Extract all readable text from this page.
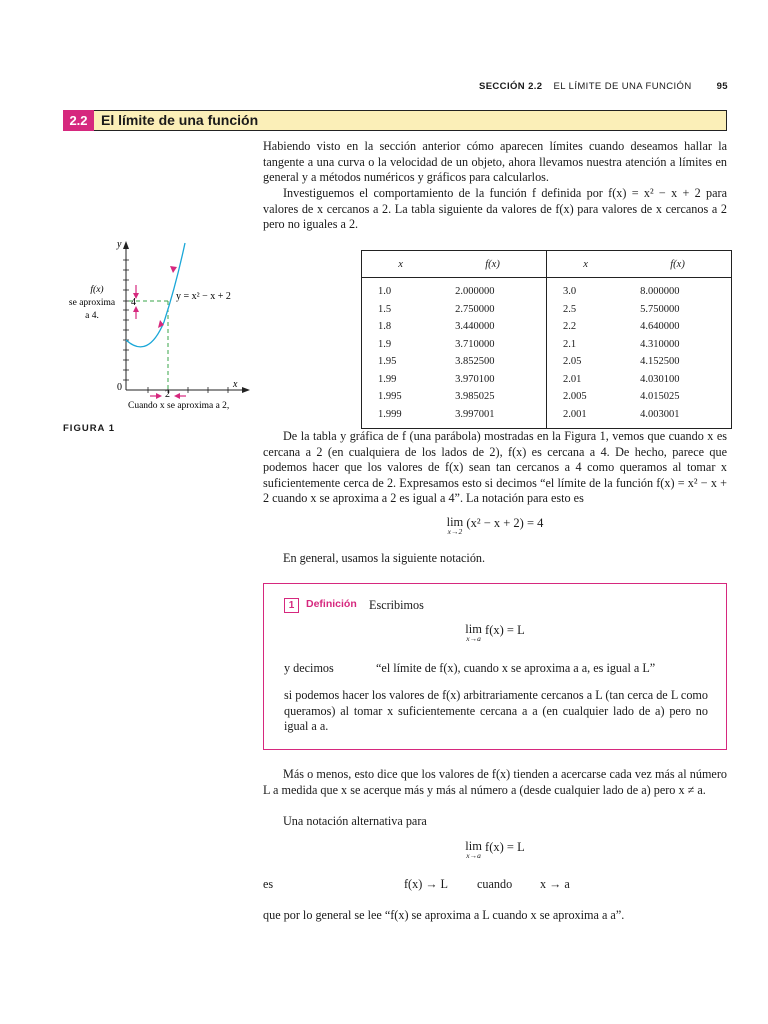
SECCIÓN 2.2 EL LÍMITE DE UNA FUNCIÓN	95
2.2 El límite de una función
Habiendo visto en la sección anterior cómo aparecen límites cuando deseamos hallar la tangente a una curva o la velocidad de un objeto, ahora llevamos nuestra atención a límites en general y a métodos numéricos y gráficos para calcularlos.
Investiguemos el comportamiento de la función f definida por f(x) = x² − x + 2 para valores de x cercanos a 2. La tabla siguiente da valores de f(x) para valores de x cercanos a 2 pero no iguales a 2.
y
x
0
2
4
y = x² − x + 2
f(x)
se aproxima
a 4.
Cuando x se aproxima a 2,
FIGURA 1
x	f(x)	x	f(x)
1.0	2.000000	3.0	8.000000
1.5	2.750000	2.5	5.750000
1.8	3.440000	2.2	4.640000
1.9	3.710000	2.1	4.310000
1.95	3.852500	2.05	4.152500
1.99	3.970100	2.01	4.030100
1.995	3.985025	2.005	4.015025
1.999	3.997001	2.001	4.003001
De la tabla y gráfica de f (una parábola) mostradas en la Figura 1, vemos que cuando x es cercana a 2 (en cualquiera de los lados de 2), f(x) es cercana a 4. De hecho, parece que podemos hacer que los valores de f(x) sean tan cercanos a 4 como queramos al tomar x suficientemente cerca de 2. Expresamos esto si decimos “el límite de la función f(x) = x² − x + 2 cuando x se aproxima a 2 es igual a 4”. La notación para esto es
lim
x→2
(x² − x + 2) = 4
En general, usamos la siguiente notación.
1	Definición Escribimos
lim
x→a
f(x) = L
y decimos	“el límite de f(x), cuando x se aproxima a a, es igual a L”
si podemos hacer los valores de f(x) arbitrariamente cercanos a L (tan cerca de L como queramos) al tomar x suficientemente cercana a a (en cualquier lado de a) pero no igual a a.
Más o menos, esto dice que los valores de f(x) tienden a acercarse cada vez más al número L a medida que x se acerque más y más al número a (desde cualquier lado de a) pero x ≠ a.
Una notación alternativa para
lim
x→a
f(x) = L
es	f(x) → L cuando x → a
que por lo general se lee “f(x) se aproxima a L cuando x se aproxima a a”.
